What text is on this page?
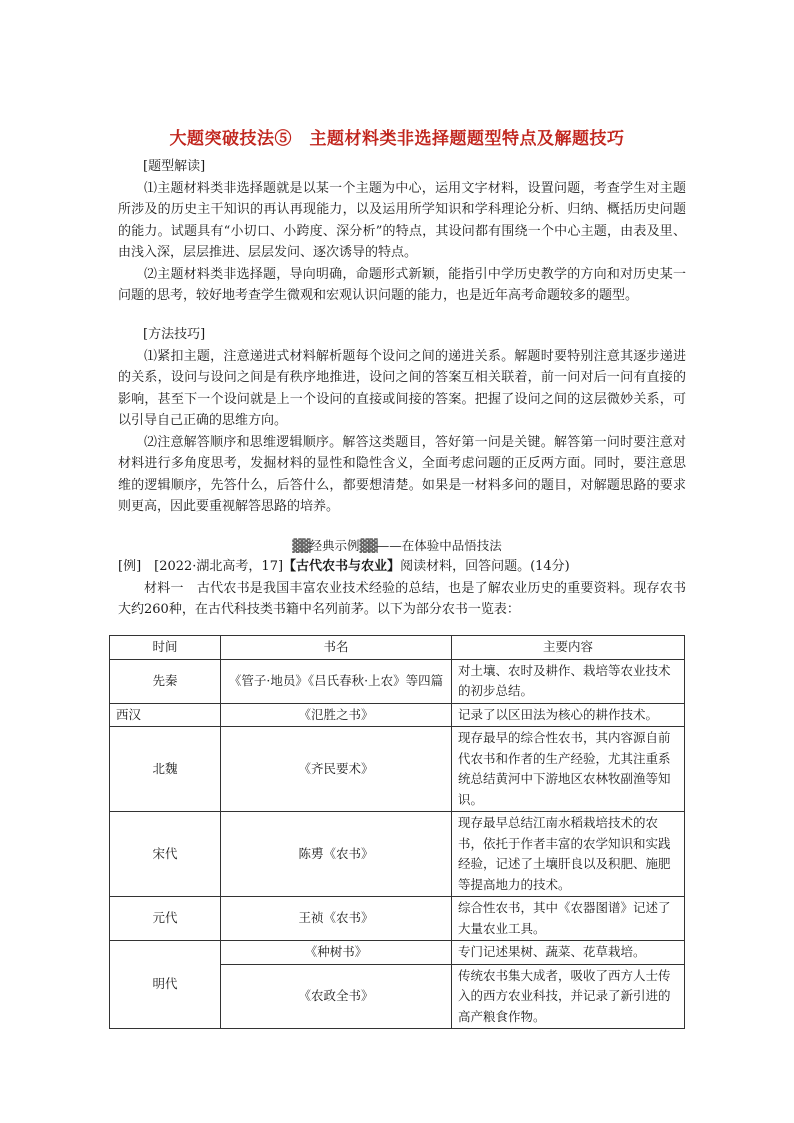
大题突破技法⑤　主题材料类非选择题题型特点及解题技巧

[题型解读]

⑴主题材料类非选择题就是以某一个主题为中心，运用文字材料，设置问题，考查学生对主题所涉及的历史主干知识的再认再现能力，以及运用所学知识和学科理论分析、归纳、概括历史问题的能力。试题具有“小切口、小跨度、深分析”的特点，其设问都有围绕一个中心主题，由表及里、由浅入深，层层推进、层层发问、逐次诱导的特点。

⑵主题材料类非选择题，导向明确，命题形式新颖，能指引中学历史教学的方向和对历史某一问题的思考，较好地考查学生微观和宏观认识问题的能力，也是近年高考命题较多的题型。

[方法技巧]

⑴紧扣主题，注意递进式材料解析题每个设问之间的递进关系。解题时要特别注意其逐步递进的关系，设问与设问之间是有秩序地推进，设问之间的答案互相关联着，前一问对后一问有直接的影响，甚至下一个设问就是上一个设问的直接或间接的答案。把握了设问之间的这层微妙关系，可以引导自己正确的思维方向。

⑵注意解答顺序和思维逻辑顺序。解答这类题目，答好第一问是关键。解答第一问时要注意对材料进行多角度思考，发掘材料的显性和隐性含义，全面考虑问题的正反两方面。同时，要注意思维的逻辑顺序，先答什么，后答什么，都要想清楚。如果是一材料多问的题目，对解题思路的要求则更高，因此要重视解答思路的培养。

▓▓经典示例▓▓——在体验中品悟技法
[例]　[2022·湖北高考，17]【古代农书与农业】阅读材料，回答问题。(14分)
材料一　古代农书是我国丰富农业技术经验的总结，也是了解农业历史的重要资料。现存农书大约260种，在古代科技类书籍中名列前茅。以下为部分农书一览表：
时间	书名	主要内容
先秦	《管子·地员》《吕氏春秋·上农》等四篇	对土壤、农时及耕作、栽培等农业技术的初步总结。
西汉	《氾胜之书》	记录了以区田法为核心的耕作技术。
北魏	《齐民要术》	现存最早的综合性农书，其内容源自前代农书和作者的生产经验，尤其注重系统总结黄河中下游地区农林牧副渔等知识。
宋代	陈旉《农书》	现存最早总结江南水稻栽培技术的农书，依托于作者丰富的农学知识和实践经验，记述了土壤肝良以及积肥、施肥等提高地力的技术。
元代	王祯《农书》	综合性农书，其中《农器图谱》记述了大量农业工具。
明代	《种树书》	专门记述果树、蔬菜、花草栽培。
	《农政全书》	传统农书集大成者，吸收了西方人士传入的西方农业科技，并记录了新引进的高产粮食作物。
